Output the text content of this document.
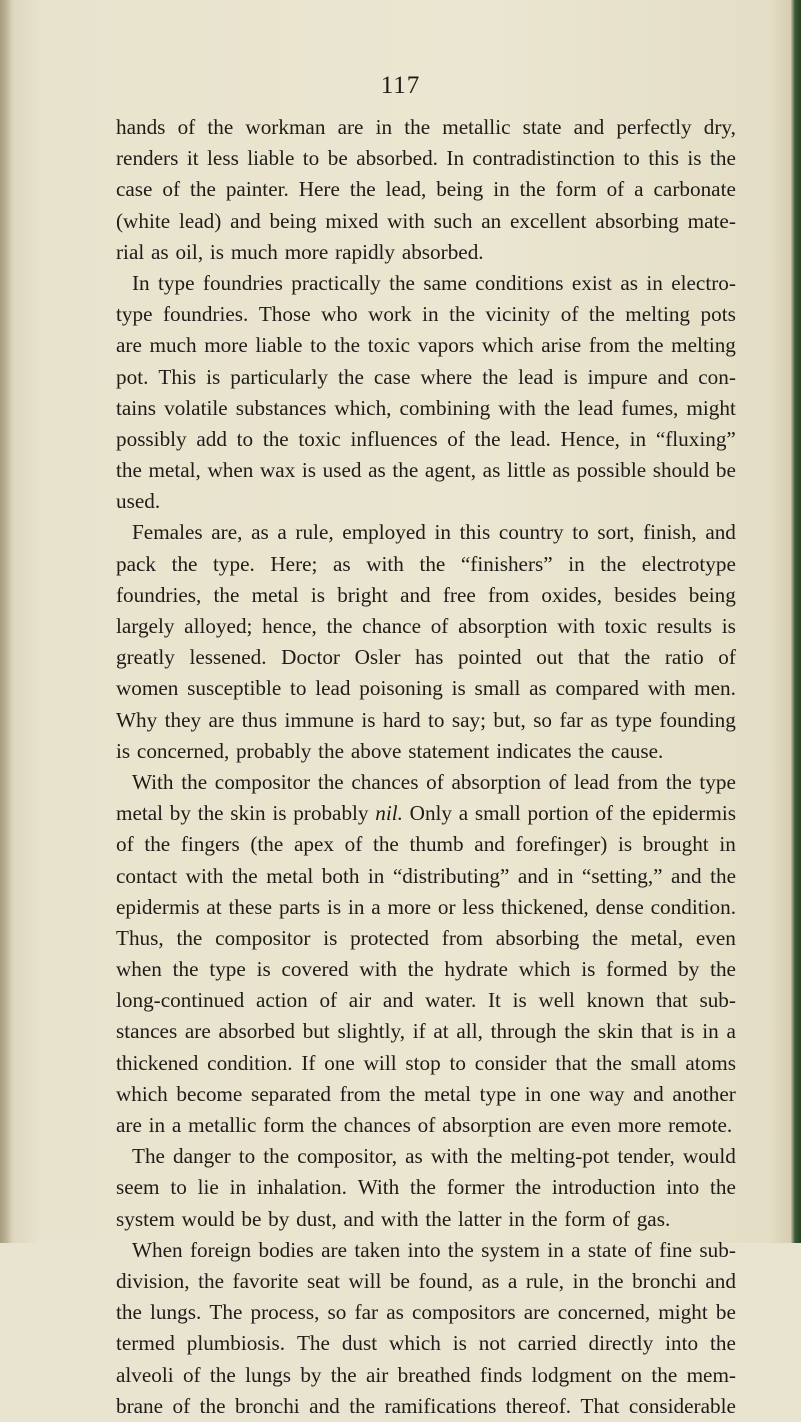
117
hands of the workman are in the metallic state and perfectly dry,
renders it less liable to be absorbed. In contradistinction to this is the
case of the painter. Here the lead, being in the form of a carbonate
(white lead) and being mixed with such an excellent absorbing mate-
rial as oil, is much more rapidly absorbed.
In type foundries practically the same conditions exist as in electro-
type foundries. Those who work in the vicinity of the melting pots
are much more liable to the toxic vapors which arise from the melting
pot. This is particularly the case where the lead is impure and con-
tains volatile substances which, combining with the lead fumes, might
possibly add to the toxic influences of the lead. Hence, in “fluxing”
the metal, when wax is used as the agent, as little as possible should be
used.
Females are, as a rule, employed in this country to sort, finish, and
pack the type. Here; as with the “finishers” in the electrotype
foundries, the metal is bright and free from oxides, besides being
largely alloyed; hence, the chance of absorption with toxic results is
greatly lessened. Doctor Osler has pointed out that the ratio of
women susceptible to lead poisoning is small as compared with men.
Why they are thus immune is hard to say; but, so far as type founding
is concerned, probably the above statement indicates the cause.
With the compositor the chances of absorption of lead from the type
metal by the skin is probably nil. Only a small portion of the epidermis
of the fingers (the apex of the thumb and forefinger) is brought in
contact with the metal both in “distributing” and in “setting,” and the
epidermis at these parts is in a more or less thickened, dense condition.
Thus, the compositor is protected from absorbing the metal, even
when the type is covered with the hydrate which is formed by the
long-continued action of air and water. It is well known that sub-
stances are absorbed but slightly, if at all, through the skin that is in a
thickened condition. If one will stop to consider that the small atoms
which become separated from the metal type in one way and another
are in a metallic form the chances of absorption are even more remote.
The danger to the compositor, as with the melting-pot tender, would
seem to lie in inhalation. With the former the introduction into the
system would be by dust, and with the latter in the form of gas.
When foreign bodies are taken into the system in a state of fine sub-
division, the favorite seat will be found, as a rule, in the bronchi and
the lungs. The process, so far as compositors are concerned, might be
termed plumbiosis. The dust which is not carried directly into the
alveoli of the lungs by the air breathed finds lodgment on the mem-
brane of the bronchi and the ramifications thereof. That considerable
